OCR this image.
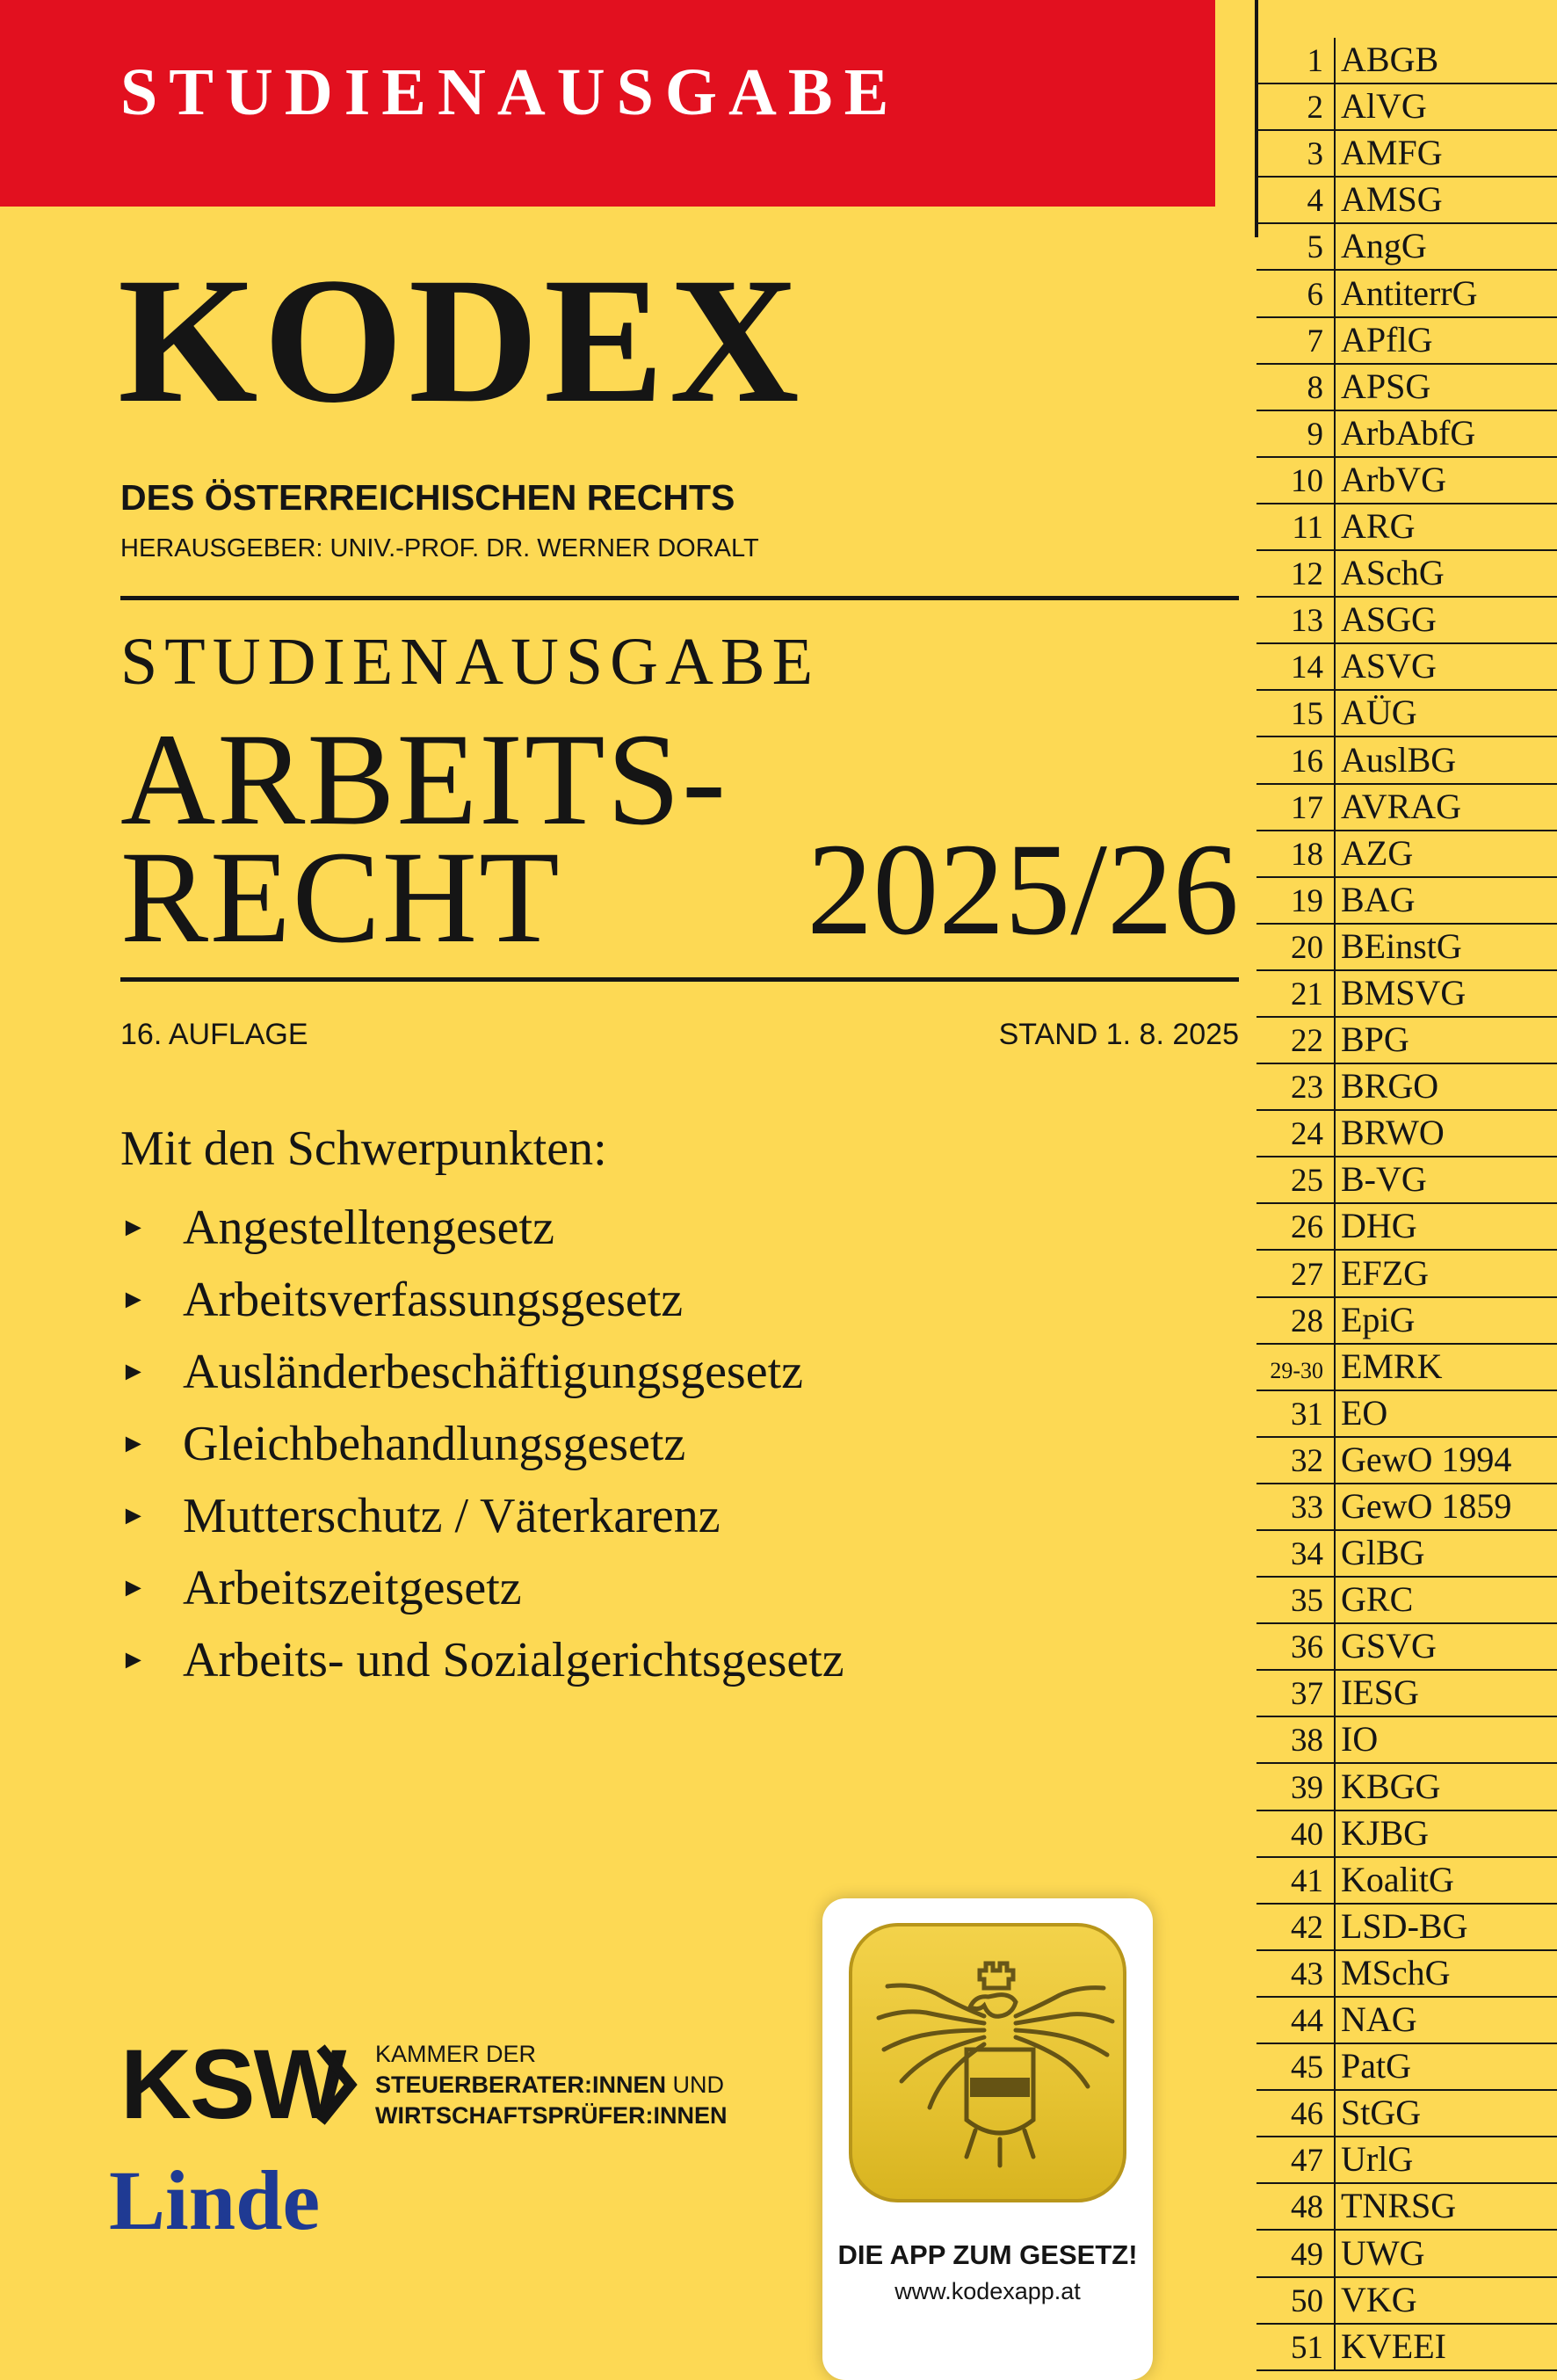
STUDIENAUSGABE
KODEX
DES ÖSTERREICHISCHEN RECHTS
HERAUSGEBER: UNIV.-PROF. DR. WERNER DORALT
STUDIENAUSGABE
ARBEITS-
RECHT	2025/26
16. AUFLAGE	STAND 1. 8. 2025
Mit den Schwerpunkten:
► Angestelltengesetz
► Arbeitsverfassungsgesetz
► Ausländerbeschäftigungsgesetz
► Gleichbehandlungsgesetz
► Mutterschutz / Väterkarenz
► Arbeitszeitgesetz
► Arbeits- und Sozialgerichtsgesetz
KSW KAMMER DER
STEUERBERATER:INNEN UND
WIRTSCHAFTSPRÜFER:INNEN
Linde
DIE APP ZUM GESETZ!
www.kodexapp.at
1 ABGB
2 AlVG
3 AMFG
4 AMSG
5 AngG
6 AntiterrG
7 APflG
8 APSG
9 ArbAbfG
10 ArbVG
11 ARG
12 ASchG
13 ASGG
14 ASVG
15 AÜG
16 AuslBG
17 AVRAG
18 AZG
19 BAG
20 BEinstG
21 BMSVG
22 BPG
23 BRGO
24 BRWO
25 B-VG
26 DHG
27 EFZG
28 EpiG
29-30 EMRK
31 EO
32 GewO 1994
33 GewO 1859
34 GlBG
35 GRC
36 GSVG
37 IESG
38 IO
39 KBGG
40 KJBG
41 KoalitG
42 LSD-BG
43 MSchG
44 NAG
45 PatG
46 StGG
47 UrlG
48 TNRSG
49 UWG
50 VKG
51 KVEEI
